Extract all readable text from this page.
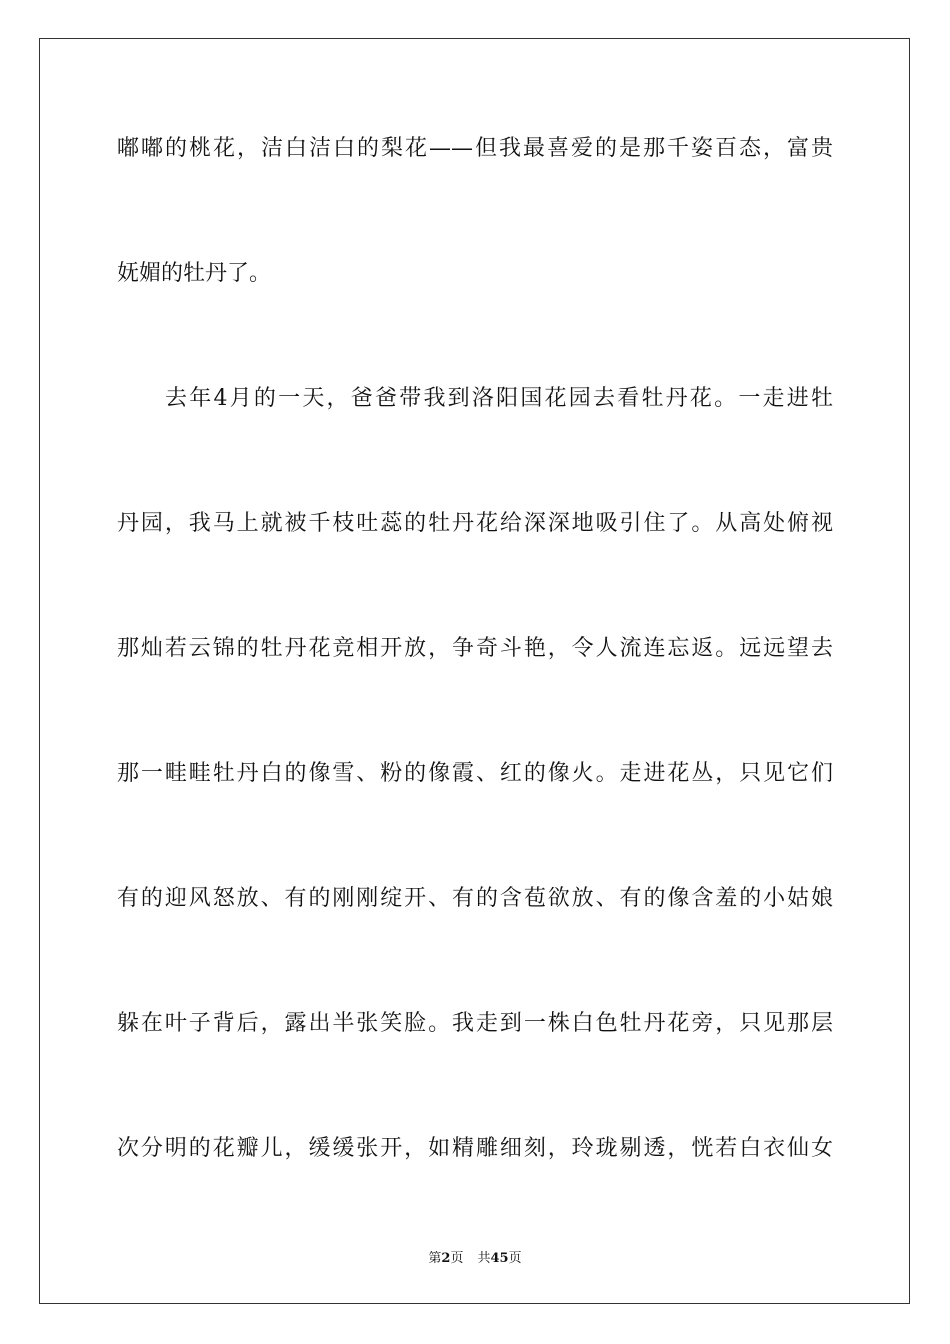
嘟嘟的桃花，洁白洁白的梨花——但我最喜爱的是那千姿百态，富贵

妩媚的牡丹了。

去年4月的一天，爸爸带我到洛阳国花园去看牡丹花。一走进牡

丹园，我马上就被千枝吐蕊的牡丹花给深深地吸引住了。从高处俯视

那灿若云锦的牡丹花竞相开放，争奇斗艳，令人流连忘返。远远望去

那一畦畦牡丹白的像雪、粉的像霞、红的像火。走进花丛，只见它们

有的迎风怒放、有的刚刚绽开、有的含苞欲放、有的像含羞的小姑娘

躲在叶子背后，露出半张笑脸。我走到一株白色牡丹花旁，只见那层

次分明的花瓣儿，缓缓张开，如精雕细刻，玲珑剔透，恍若白衣仙女

第2页 共45页
